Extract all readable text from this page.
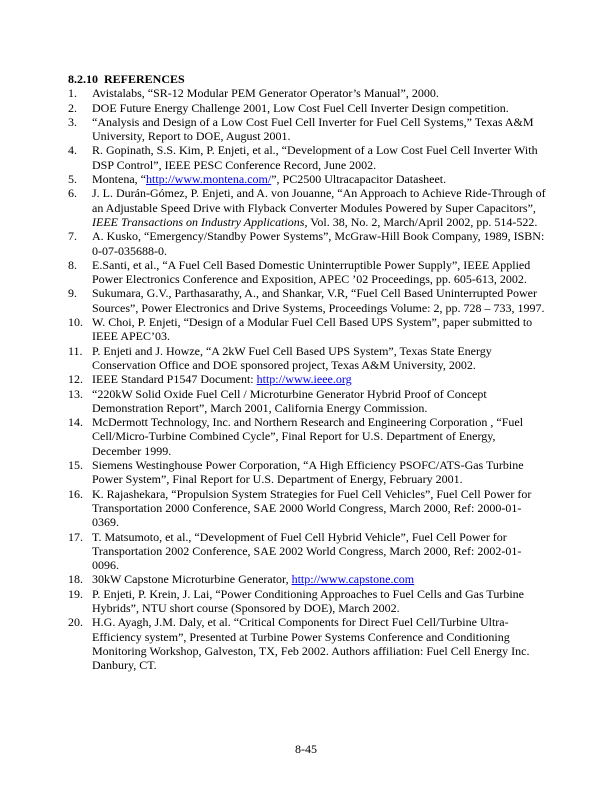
8.2.10  REFERENCES
1.	Avistalabs, “SR-12 Modular PEM Generator Operator’s Manual”, 2000.
2.	DOE Future Energy Challenge 2001, Low Cost Fuel Cell Inverter Design competition.
3.	“Analysis and Design of a Low Cost Fuel Cell Inverter for Fuel Cell Systems,” Texas A&M University, Report to DOE, August 2001.
4.	R. Gopinath, S.S. Kim, P. Enjeti, et al., “Development of a Low Cost Fuel Cell Inverter With DSP Control”, IEEE PESC Conference Record, June 2002.
5.	Montena, “http://www.montena.com/”, PC2500 Ultracapacitor Datasheet.
6.	J. L. Durán-Gómez, P. Enjeti, and A. von Jouanne, “An Approach to Achieve Ride-Through of an Adjustable Speed Drive with Flyback Converter Modules Powered by Super Capacitors”, IEEE Transactions on Industry Applications, Vol. 38, No. 2, March/April 2002, pp. 514-522.
7.	A. Kusko, “Emergency/Standby Power Systems”, McGraw-Hill Book Company, 1989, ISBN: 0-07-035688-0.
8.	E.Santi, et al., “A Fuel Cell Based Domestic Uninterruptible Power Supply”, IEEE Applied Power Electronics Conference and Exposition, APEC ’02 Proceedings, pp. 605-613, 2002.
9.	Sukumara, G.V., Parthasarathy, A., and Shankar, V.R, “Fuel Cell Based Uninterrupted Power Sources”, Power Electronics and Drive Systems, Proceedings Volume: 2, pp. 728 – 733, 1997.
10. W. Choi, P. Enjeti, “Design of a Modular Fuel Cell Based UPS System”, paper submitted to IEEE APEC’03.
11. P. Enjeti and J. Howze, “A 2kW Fuel Cell Based UPS System”, Texas State Energy Conservation Office and DOE sponsored project, Texas A&M University, 2002.
12. IEEE Standard P1547 Document: http://www.ieee.org
13. “220kW Solid Oxide Fuel Cell / Microturbine Generator Hybrid Proof of Concept Demonstration Report”, March 2001, California Energy Commission.
14. McDermott Technology, Inc. and Northern Research and Engineering Corporation , “Fuel Cell/Micro-Turbine Combined Cycle”, Final Report for U.S. Department of Energy, December 1999.
15. Siemens Westinghouse Power Corporation, “A High Efficiency PSOFC/ATS-Gas Turbine Power System”, Final Report for U.S. Department of Energy, February 2001.
16. K. Rajashekara, “Propulsion System Strategies for Fuel Cell Vehicles”, Fuel Cell Power for Transportation 2000 Conference, SAE 2000 World Congress, March 2000, Ref: 2000-01-0369.
17. T. Matsumoto, et al., “Development of Fuel Cell Hybrid Vehicle”, Fuel Cell Power for Transportation 2002 Conference, SAE 2002 World Congress, March 2000, Ref: 2002-01-0096.
18. 30kW Capstone Microturbine Generator, http://www.capstone.com
19. P. Enjeti, P. Krein, J. Lai, “Power Conditioning Approaches to Fuel Cells and Gas Turbine Hybrids”, NTU short course (Sponsored by DOE), March 2002.
20. H.G. Ayagh, J.M. Daly, et al. “Critical Components for Direct Fuel Cell/Turbine Ultra-Efficiency system”, Presented at Turbine Power Systems Conference and Conditioning Monitoring Workshop, Galveston, TX, Feb 2002. Authors affiliation: Fuel Cell Energy Inc. Danbury, CT.
8-45
